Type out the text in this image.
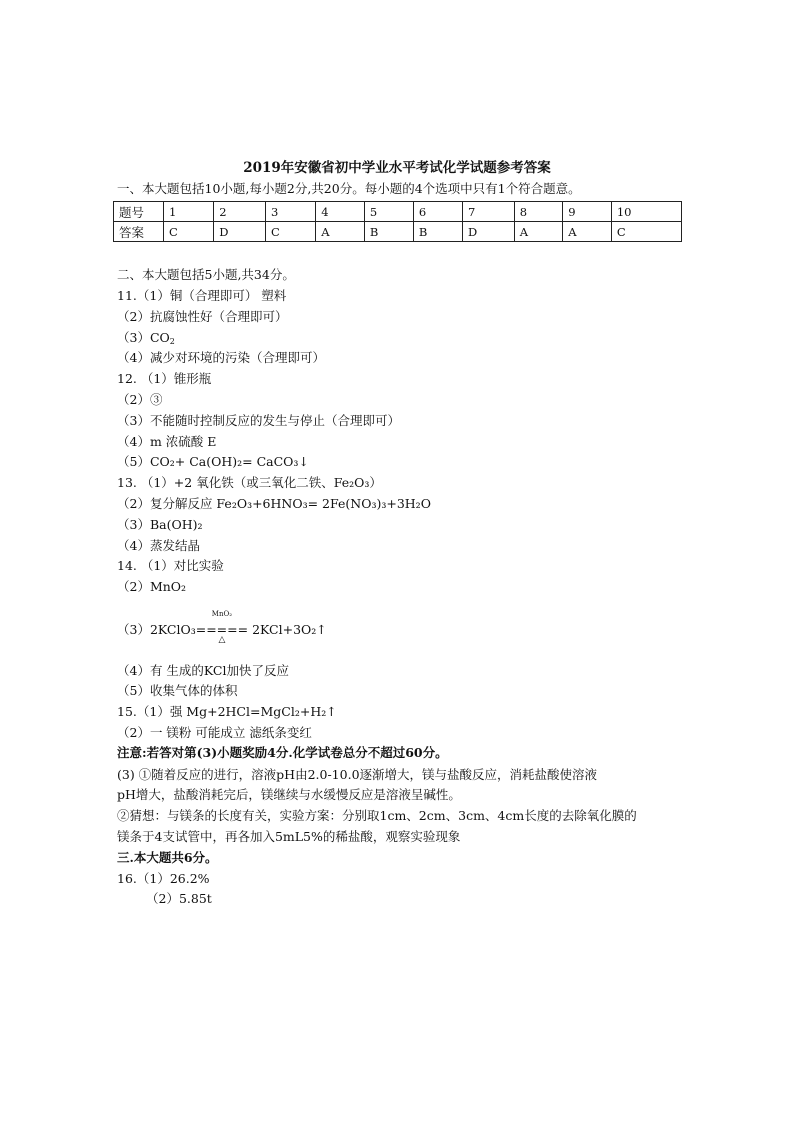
2019年安徽省初中学业水平考试化学试题参考答案
一、本大题包括10小题,每小题2分,共20分。每小题的4个选项中只有1个符合题意。
题号	1	2	3	4	5	6	7	8	9	10
答案	C	D	C	A	B	B	D	A	A	C
二、本大题包括5小题,共34分。
11.（1）铜（合理即可） 塑料
（2）抗腐蚀性好（合理即可）
$(3)CO_2$
（4）减少对环境的污染（合理即可）
12. （1）锥形瓶
（2）③
（3）不能随时控制反应的发生与停止（合理即可）
（4）m 浓硫酸 E
（5）CO₂+ Ca(OH)₂= CaCO₃↓
13. （1）+2 氧化铁（或三氧化二铁、Fe₂O₃）
（2）复分解反应 Fe₂O₃+6HNO₃= 2Fe(NO₃)₃+3H₂O
（3）Ba(OH)₂
（4）蒸发结晶
14. （1）对比实验
（2）MnO₂
（3）2KClO₃
MnO₂
=====
△
2KCl+3O₂↑
（4）有 生成的KCl加快了反应
（5）收集气体的体积
15.（1）强 Mg+2HCl=MgCl₂+H₂↑
（2）一 镁粉 可能成立 滤纸条变红
注意:若答对第(3)小题奖励4分.化学试卷总分不超过60分。
(3) ①随着反应的进行，溶液pH由2.0-10.0逐渐增大，镁与盐酸反应，消耗盐酸使溶液
pH增大，盐酸消耗完后，镁继续与水缓慢反应是溶液呈碱性。
②猜想：与镁条的长度有关，实验方案：分别取1cm、2cm、3cm、4cm长度的去除氧化膜的
镁条于4支试管中，再各加入5mL5%的稀盐酸，观察实验现象
三.本大题共6分。
16.（1）26.2%
（2）5.85t
